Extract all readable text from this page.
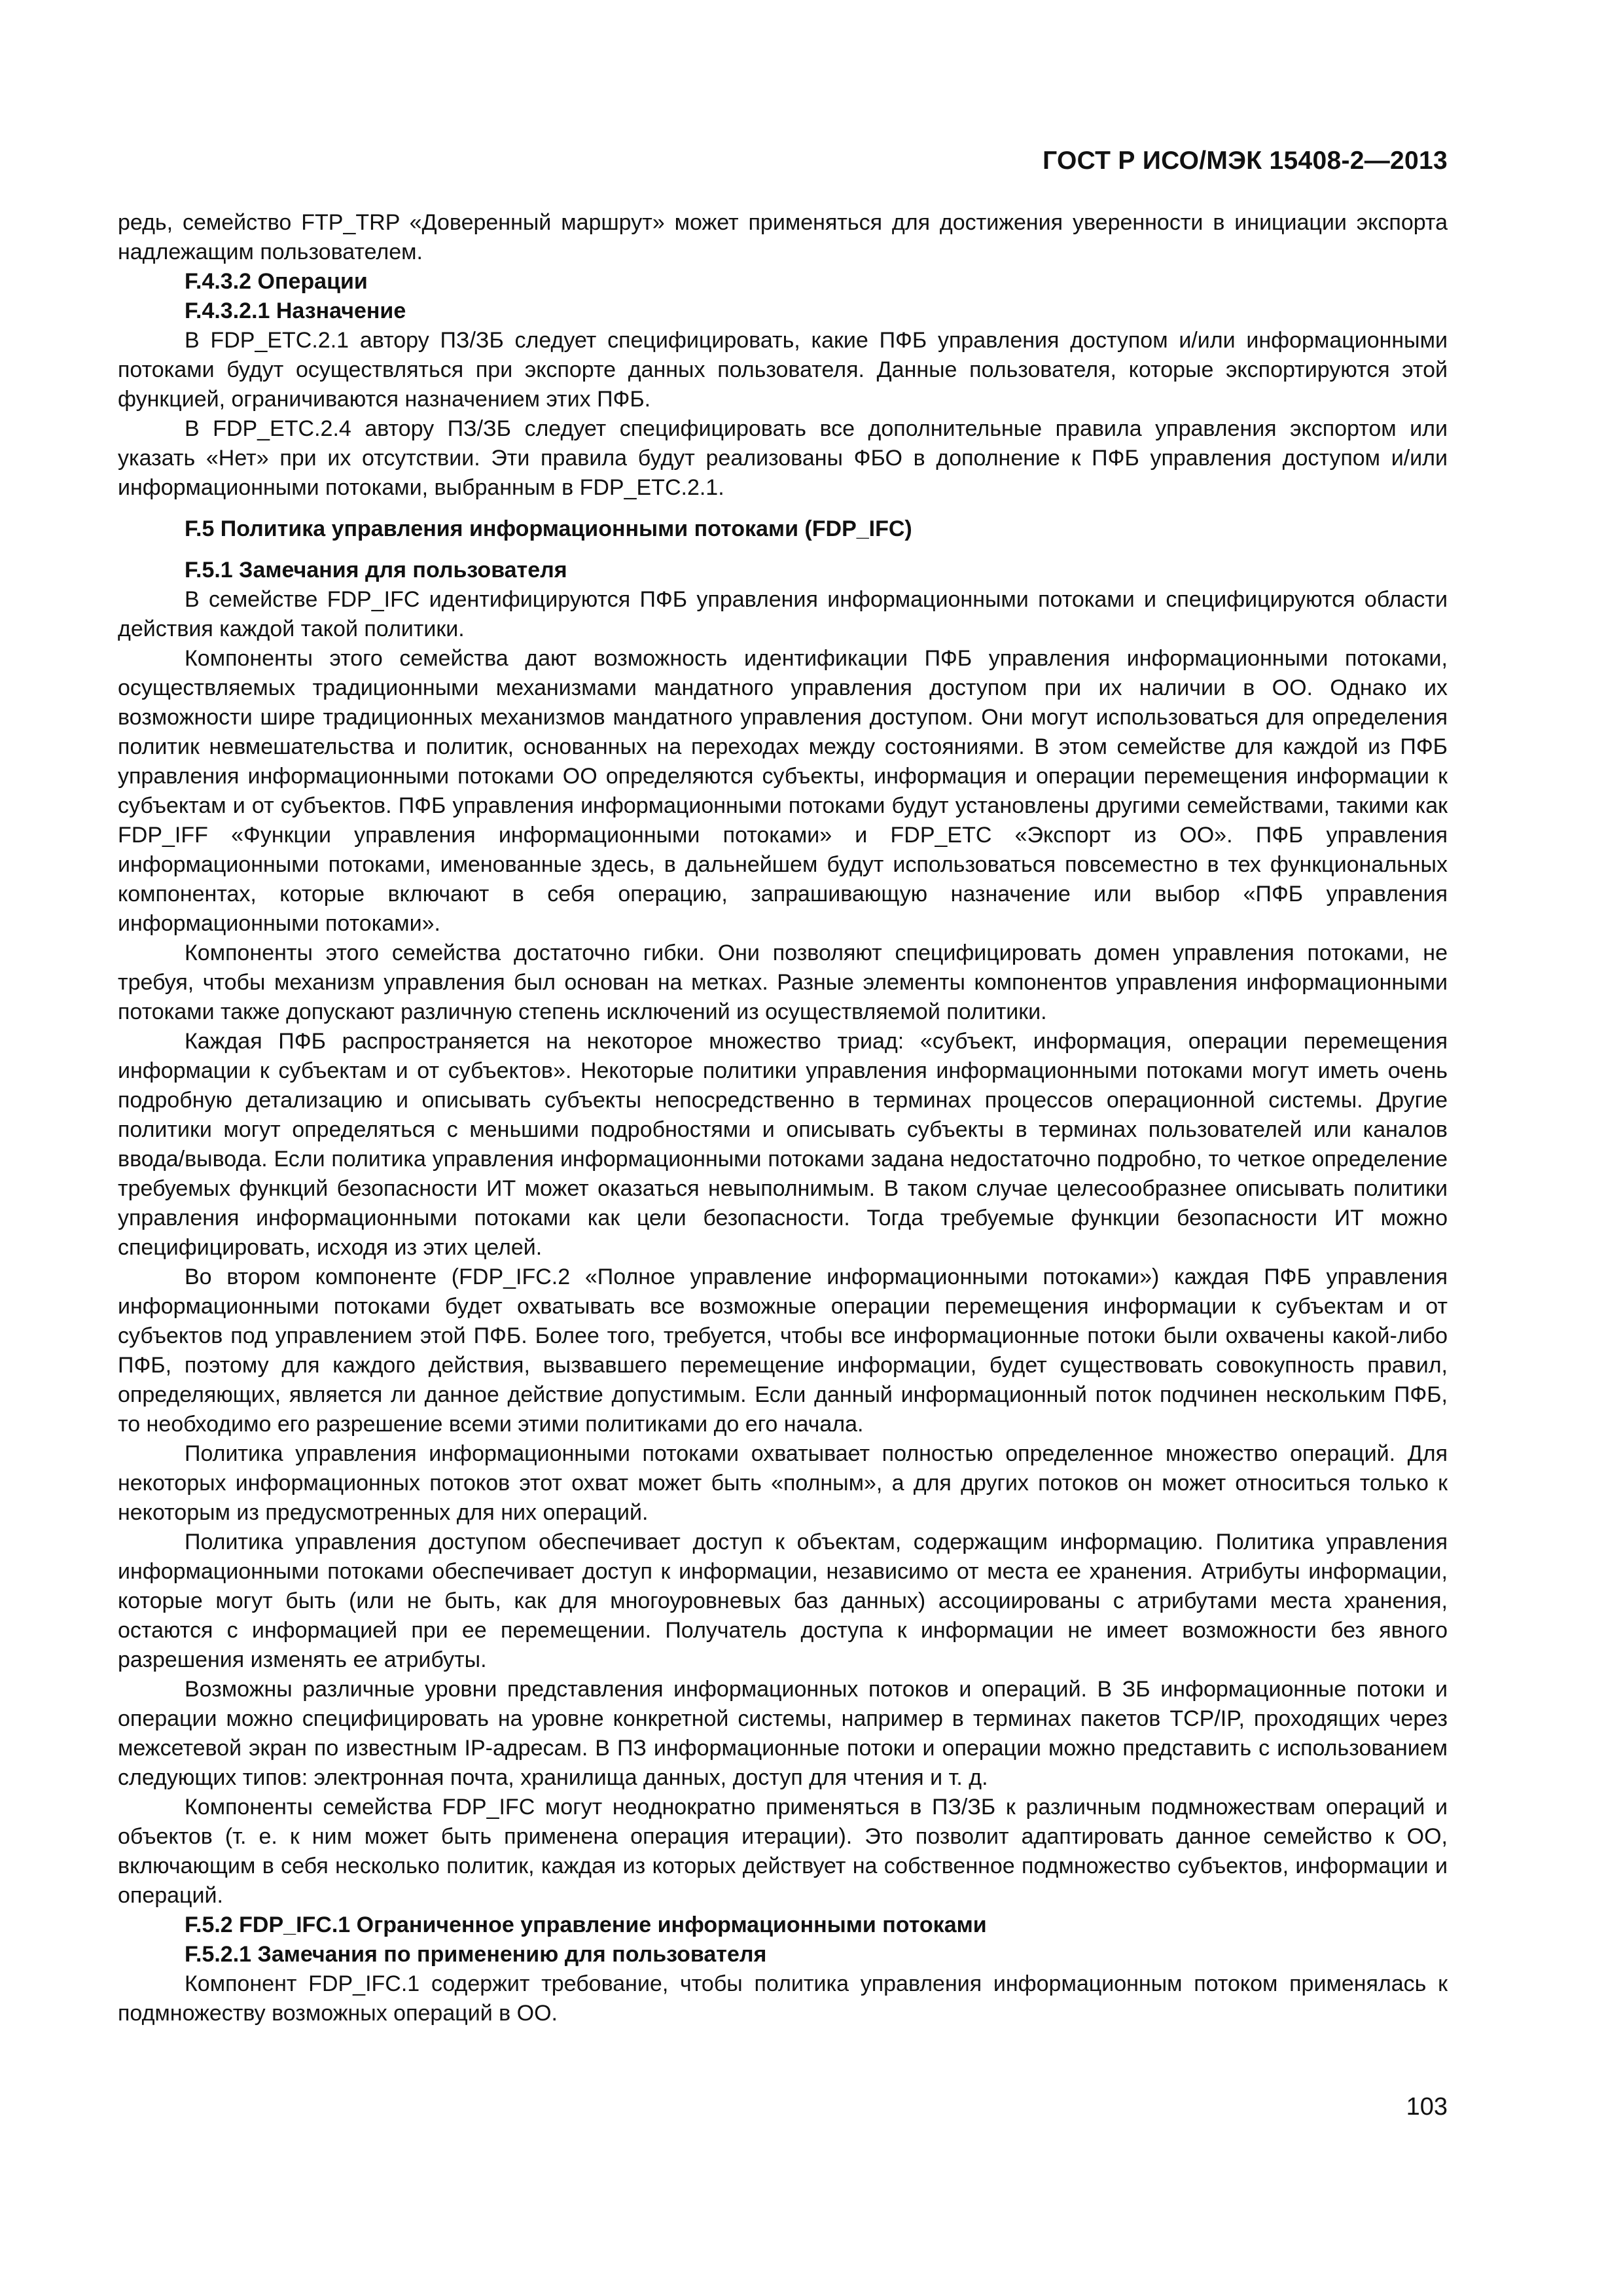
ГОСТ Р ИСО/МЭК 15408-2—2013

редь, семейство FTP_TRP «Доверенный маршрут» может применяться для достижения уверенности в инициации экспорта надлежащим пользователем.

F.4.3.2 Операции
F.4.3.2.1 Назначение

В FDP_ETC.2.1 автору ПЗ/ЗБ следует специфицировать, какие ПФБ управления доступом и/или информационными потоками будут осуществляться при экспорте данных пользователя. Данные пользователя, которые экспортируются этой функцией, ограничиваются назначением этих ПФБ.

В FDP_ETC.2.4 автору ПЗ/ЗБ следует специфицировать все дополнительные правила управления экспортом или указать «Нет» при их отсутствии. Эти правила будут реализованы ФБО в дополнение к ПФБ управления доступом и/или информационными потоками, выбранным в FDP_ETC.2.1.

F.5 Политика управления информационными потоками (FDP_IFC)
F.5.1 Замечания для пользователя

В семействе FDP_IFC идентифицируются ПФБ управления информационными потоками и специфицируются области действия каждой такой политики.

Компоненты этого семейства дают возможность идентификации ПФБ управления информационными потоками, осуществляемых традиционными механизмами мандатного управления доступом при их наличии в ОО. Однако их возможности шире традиционных механизмов мандатного управления доступом. Они могут использоваться для определения политик невмешательства и политик, основанных на переходах между состояниями. В этом семействе для каждой из ПФБ управления информационными потоками ОО определяются субъекты, информация и операции перемещения информации к субъектам и от субъектов. ПФБ управления информационными потоками будут установлены другими семействами, такими как FDP_IFF «Функции управления информационными потоками» и FDP_ETC «Экспорт из ОО». ПФБ управления информационными потоками, именованные здесь, в дальнейшем будут использоваться повсеместно в тех функциональных компонентах, которые включают в себя операцию, запрашивающую назначение или выбор «ПФБ управления информационными потоками».

Компоненты этого семейства достаточно гибки. Они позволяют специфицировать домен управления потоками, не требуя, чтобы механизм управления был основан на метках. Разные элементы компонентов управления информационными потоками также допускают различную степень исключений из осуществляемой политики.

Каждая ПФБ распространяется на некоторое множество триад: «субъект, информация, операции перемещения информации к субъектам и от субъектов». Некоторые политики управления информационными потоками могут иметь очень подробную детализацию и описывать субъекты непосредственно в терминах процессов операционной системы. Другие политики могут определяться с меньшими подробностями и описывать субъекты в терминах пользователей или каналов ввода/вывода. Если политика управления информационными потоками задана недостаточно подробно, то четкое определение требуемых функций безопасности ИТ может оказаться невыполнимым. В таком случае целесообразнее описывать политики управления информационными потоками как цели безопасности. Тогда требуемые функции безопасности ИТ можно специфицировать, исходя из этих целей.

Во втором компоненте (FDP_IFC.2 «Полное управление информационными потоками») каждая ПФБ управления информационными потоками будет охватывать все возможные операции перемещения информации к субъектам и от субъектов под управлением этой ПФБ. Более того, требуется, чтобы все информационные потоки были охвачены какой-либо ПФБ, поэтому для каждого действия, вызвавшего перемещение информации, будет существовать совокупность правил, определяющих, является ли данное действие допустимым. Если данный информационный поток подчинен нескольким ПФБ, то необходимо его разрешение всеми этими политиками до его начала.

Политика управления информационными потоками охватывает полностью определенное множество операций. Для некоторых информационных потоков этот охват может быть «полным», а для других потоков он может относиться только к некоторым из предусмотренных для них операций.

Политика управления доступом обеспечивает доступ к объектам, содержащим информацию. Политика управления информационными потоками обеспечивает доступ к информации, независимо от места ее хранения. Атрибуты информации, которые могут быть (или не быть, как для многоуровневых баз данных) ассоциированы с атрибутами места хранения, остаются с информацией при ее перемещении. Получатель доступа к информации не имеет возможности без явного разрешения изменять ее атрибуты.

Возможны различные уровни представления информационных потоков и операций. В ЗБ информационные потоки и операции можно специфицировать на уровне конкретной системы, например в терминах пакетов TCP/IP, проходящих через межсетевой экран по известным IP-адресам. В ПЗ информационные потоки и операции можно представить с использованием следующих типов: электронная почта, хранилища данных, доступ для чтения и т. д.

Компоненты семейства FDP_IFC могут неоднократно применяться в ПЗ/ЗБ к различным подмножествам операций и объектов (т. е. к ним может быть применена операция итерации). Это позволит адаптировать данное семейство к ОО, включающим в себя несколько политик, каждая из которых действует на собственное подмножество субъектов, информации и операций.

F.5.2 FDP_IFC.1 Ограниченное управление информационными потоками
F.5.2.1 Замечания по применению для пользователя

Компонент FDP_IFC.1 содержит требование, чтобы политика управления информационным потоком применялась к подмножеству возможных операций в ОО.

103
